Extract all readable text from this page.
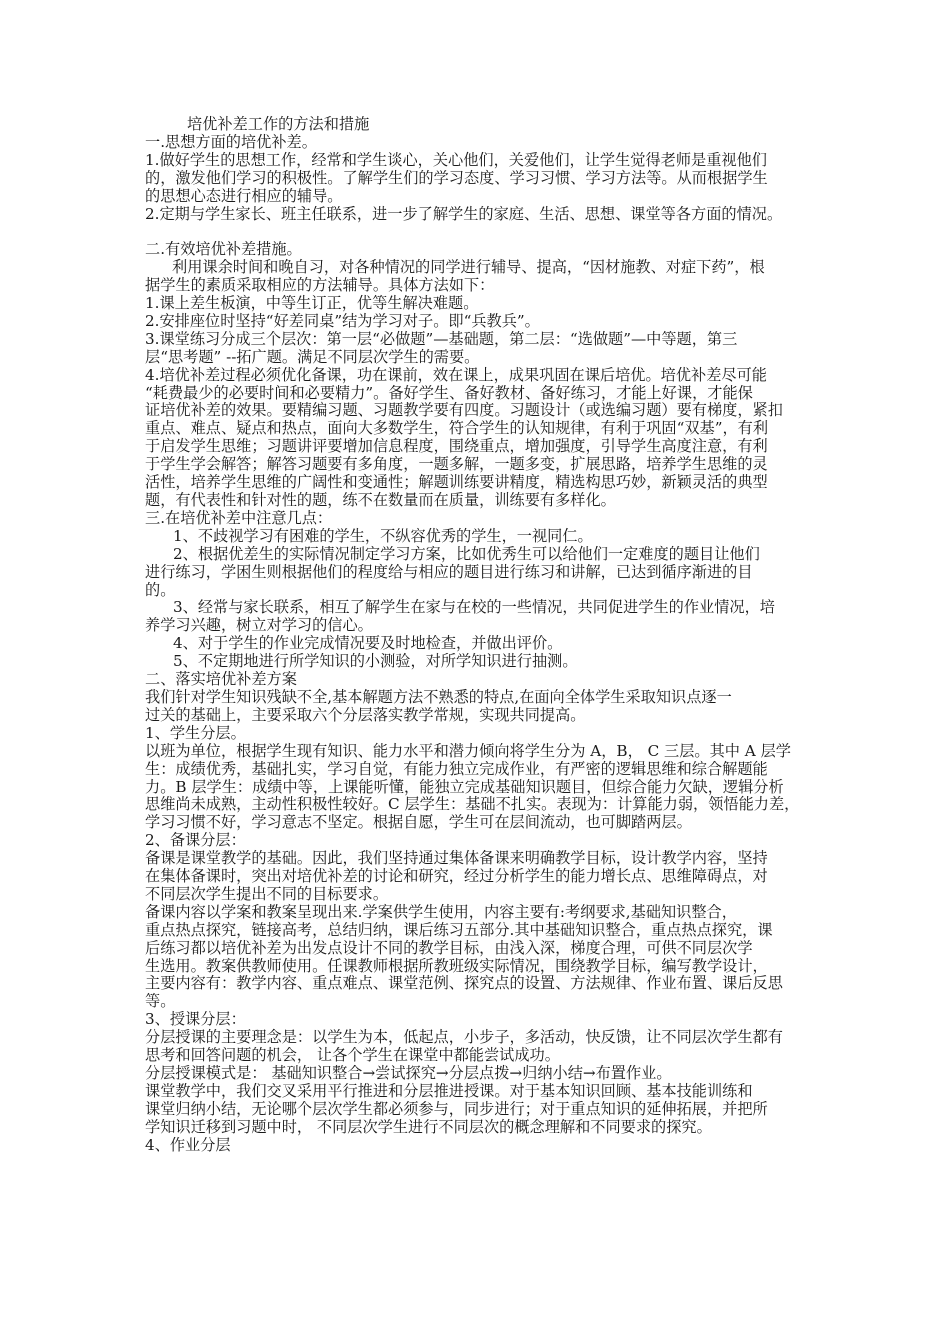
培优补差工作的方法和措施
一.思想方面的培优补差。
1.做好学生的思想工作，经常和学生谈心，关心他们，关爱他们，让学生觉得老师是重视他们
的，激发他们学习的积极性。了解学生们的学习态度、学习习惯、学习方法等。从而根据学生
的思想心态进行相应的辅导。
2.定期与学生家长、班主任联系，进一步了解学生的家庭、生活、思想、课堂等各方面的情况。
二.有效培优补差措施。
利用课余时间和晚自习，对各种情况的同学进行辅导、提高，“因材施教、对症下药”，根
据学生的素质采取相应的方法辅导。具体方法如下：
1.课上差生板演，中等生订正，优等生解决难题。
2.安排座位时坚持“好差同桌”结为学习对子。即“兵教兵”。
3.课堂练习分成三个层次：第一层“必做题”—基础题，第二层：“选做题”—中等题，第三
层“思考题” --拓广题。满足不同层次学生的需要。
4.培优补差过程必须优化备课，功在课前，效在课上，成果巩固在课后培优。培优补差尽可能
“耗费最少的必要时间和必要精力”。备好学生、备好教材、备好练习，才能上好课，才能保
证培优补差的效果。要精编习题、习题教学要有四度。习题设计（或选编习题）要有梯度，紧扣
重点、难点、疑点和热点，面向大多数学生，符合学生的认知规律，有利于巩固“双基”，有利
于启发学生思维；习题讲评要增加信息程度，围绕重点，增加强度，引导学生高度注意，有利
于学生学会解答；解答习题要有多角度，一题多解，一题多变，扩展思路，培养学生思维的灵
活性，培养学生思维的广阔性和变通性；解题训练要讲精度，精选构思巧妙，新颖灵活的典型
题，有代表性和针对性的题，练不在数量而在质量，训练要有多样化。
三.在培优补差中注意几点：
1、不歧视学习有困难的学生，不纵容优秀的学生，一视同仁。
2、根据优差生的实际情况制定学习方案，比如优秀生可以给他们一定难度的题目让他们
进行练习，学困生则根据他们的程度给与相应的题目进行练习和讲解，已达到循序渐进的目
的。
3、经常与家长联系，相互了解学生在家与在校的一些情况，共同促进学生的作业情况，培
养学习兴趣，树立对学习的信心。
4、对于学生的作业完成情况要及时地检查，并做出评价。
5、不定期地进行所学知识的小测验，对所学知识进行抽测。
二、落实培优补差方案
我们针对学生知识残缺不全,基本解题方法不熟悉的特点,在面向全体学生采取知识点逐一
过关的基础上，主要采取六个分层落实教学常规，实现共同提高。
1、学生分层。
以班为单位，根据学生现有知识、能力水平和潜力倾向将学生分为 A，B， C 三层。其中 A 层学
生：成绩优秀，基础扎实，学习自觉，有能力独立完成作业，有严密的逻辑思维和综合解题能
力。B 层学生：成绩中等，上课能听懂，能独立完成基础知识题目，但综合能力欠缺，逻辑分析
思维尚未成熟，主动性积极性较好。C 层学生：基础不扎实。表现为：计算能力弱，领悟能力差，
学习习惯不好，学习意志不坚定。根据自愿，学生可在层间流动，也可脚踏两层。
2、备课分层：
备课是课堂教学的基础。因此，我们坚持通过集体备课来明确教学目标，设计教学内容，坚持
在集体备课时，突出对培优补差的讨论和研究，经过分析学生的能力增长点、思维障碍点，对
不同层次学生提出不同的目标要求。
备课内容以学案和教案呈现出来.学案供学生使用，内容主要有:考纲要求,基础知识整合，
重点热点探究，链接高考，总结归纳，课后练习五部分.其中基础知识整合，重点热点探究，课
后练习都以培优补差为出发点设计不同的教学目标，由浅入深，梯度合理，可供不同层次学
生选用。教案供教师使用。任课教师根据所教班级实际情况，围绕教学目标，编写教学设计，
主要内容有：教学内容、重点难点、课堂范例、探究点的设置、方法规律、作业布置、课后反思
等。
3、授课分层：
分层授课的主要理念是：以学生为本，低起点，小步子，多活动，快反馈，让不同层次学生都有
思考和回答问题的机会， 让各个学生在课堂中都能尝试成功。
分层授课模式是： 基础知识整合→尝试探究→分层点拨→归纳小结→布置作业。
课堂教学中，我们交叉采用平行推进和分层推进授课。对于基本知识回顾、基本技能训练和
课堂归纳小结，无论哪个层次学生都必须参与，同步进行；对于重点知识的延伸拓展，并把所
学知识迁移到习题中时， 不同层次学生进行不同层次的概念理解和不同要求的探究。
4、作业分层
